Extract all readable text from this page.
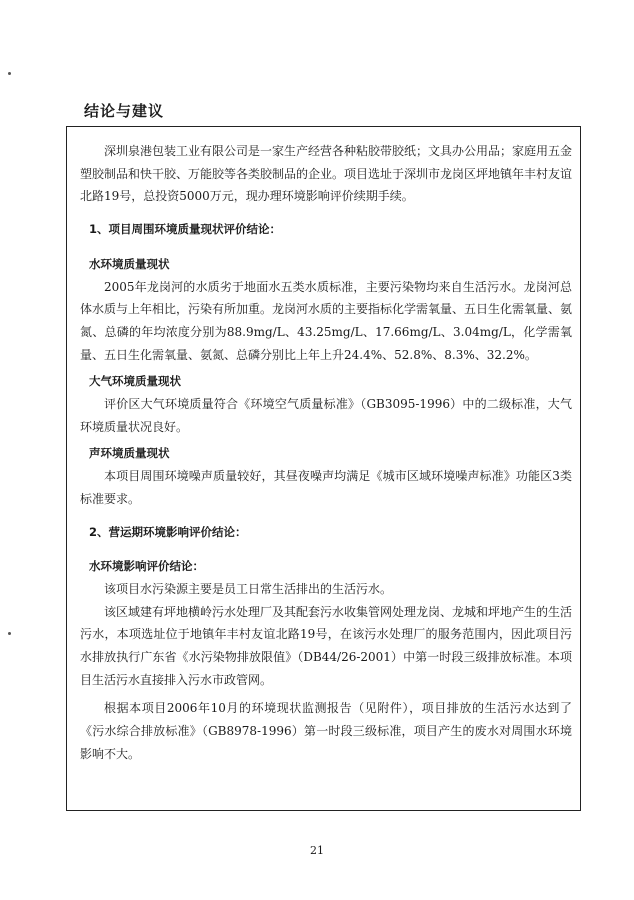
结论与建议

深圳泉港包装工业有限公司是一家生产经营各种粘胶带胶纸；文具办公用品；家庭用五金塑胶制品和快干胶、万能胶等各类胶制品的企业。项目选址于深圳市龙岗区坪地镇年丰村友谊北路19号，总投资5000万元，现办理环境影响评价续期手续。

1、项目周围环境质量现状评价结论：

水环境质量现状

2005年龙岗河的水质劣于地面水五类水质标准，主要污染物均来自生活污水。龙岗河总体水质与上年相比，污染有所加重。龙岗河水质的主要指标化学需氧量、五日生化需氧量、氨氮、总磷的年均浓度分别为88.9mg/L、43.25mg/L、17.66mg/L、3.04mg/L，化学需氧量、五日生化需氧量、氨氮、总磷分别比上年上升24.4%、52.8%、8.3%、32.2%。

大气环境质量现状

评价区大气环境质量符合《环境空气质量标准》（GB3095-1996）中的二级标准，大气环境质量状况良好。

声环境质量现状

本项目周围环境噪声质量较好，其昼夜噪声均满足《城市区域环境噪声标准》功能区3类标准要求。

2、营运期环境影响评价结论：

水环境影响评价结论：

该项目水污染源主要是员工日常生活排出的生活污水。

该区域建有坪地横岭污水处理厂及其配套污水收集管网处理龙岗、龙城和坪地产生的生活污水，本项选址位于地镇年丰村友谊北路19号，在该污水处理厂的服务范围内，因此项目污水排放执行广东省《水污染物排放限值》（DB44/26-2001）中第一时段三级排放标准。本项目生活污水直接排入污水市政管网。

根据本项目2006年10月的环境现状监测报告（见附件），项目排放的生活污水达到了《污水综合排放标准》（GB8978-1996）第一时段三级标准，项目产生的废水对周围水环境影响不大。

21
